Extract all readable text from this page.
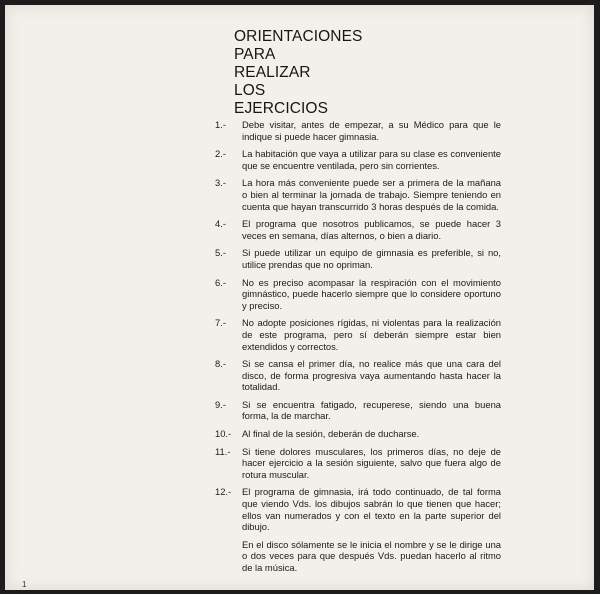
ORIENTACIONES
PARA
REALIZAR
LOS
EJERCICIOS
1.-	Debe visitar, antes de empezar, a su Médico para que le indique si puede hacer gimnasia.
2.-	La habitación que vaya a utilizar para su clase es conveniente que se encuentre ventilada, pero sin corrientes.
3.-	La hora más conveniente puede ser a primera de la mañana o bien al terminar la jornada de trabajo. Siempre teniendo en cuenta que hayan transcurrido 3 horas después de la comida.
4.-	El programa que nosotros publicamos, se puede hacer 3 veces en semana, días alternos, o bien a diario.
5.-	Si puede utilizar un equipo de gimnasia es preferible, si no, utilice prendas que no opriman.
6.-	No es preciso acompasar la respiración con el movimiento gimnástico, puede hacerlo siempre que lo considere oportuno y preciso.
7.-	No adopte posiciones rígidas, ni violentas para la realización de este programa, pero sí deberán siempre estar bien extendidos y correctos.
8.-	Si se cansa el primer día, no realice más que una cara del disco, de forma progresiva vaya aumentando hasta hacer la totalidad.
9.-	Si se encuentra fatigado, recuperese, siendo una buena forma, la de marchar.
10.-	Al final de la sesión, deberán de ducharse.
11.-	Si tiene dolores musculares, los primeros días, no deje de hacer ejercicio a la sesión siguiente, salvo que fuera algo de rotura muscular.
12.-	El programa de gimnasia, irá todo continuado, de tal forma que viendo Vds. los dibujos sabrán lo que tienen que hacer; ellos van numerados y con el texto en la parte superior del dibujo.
En el disco sólamente se le inicia el nombre y se le dirige una o dos veces para que después Vds. puedan hacerlo al ritmo de la música.
1
